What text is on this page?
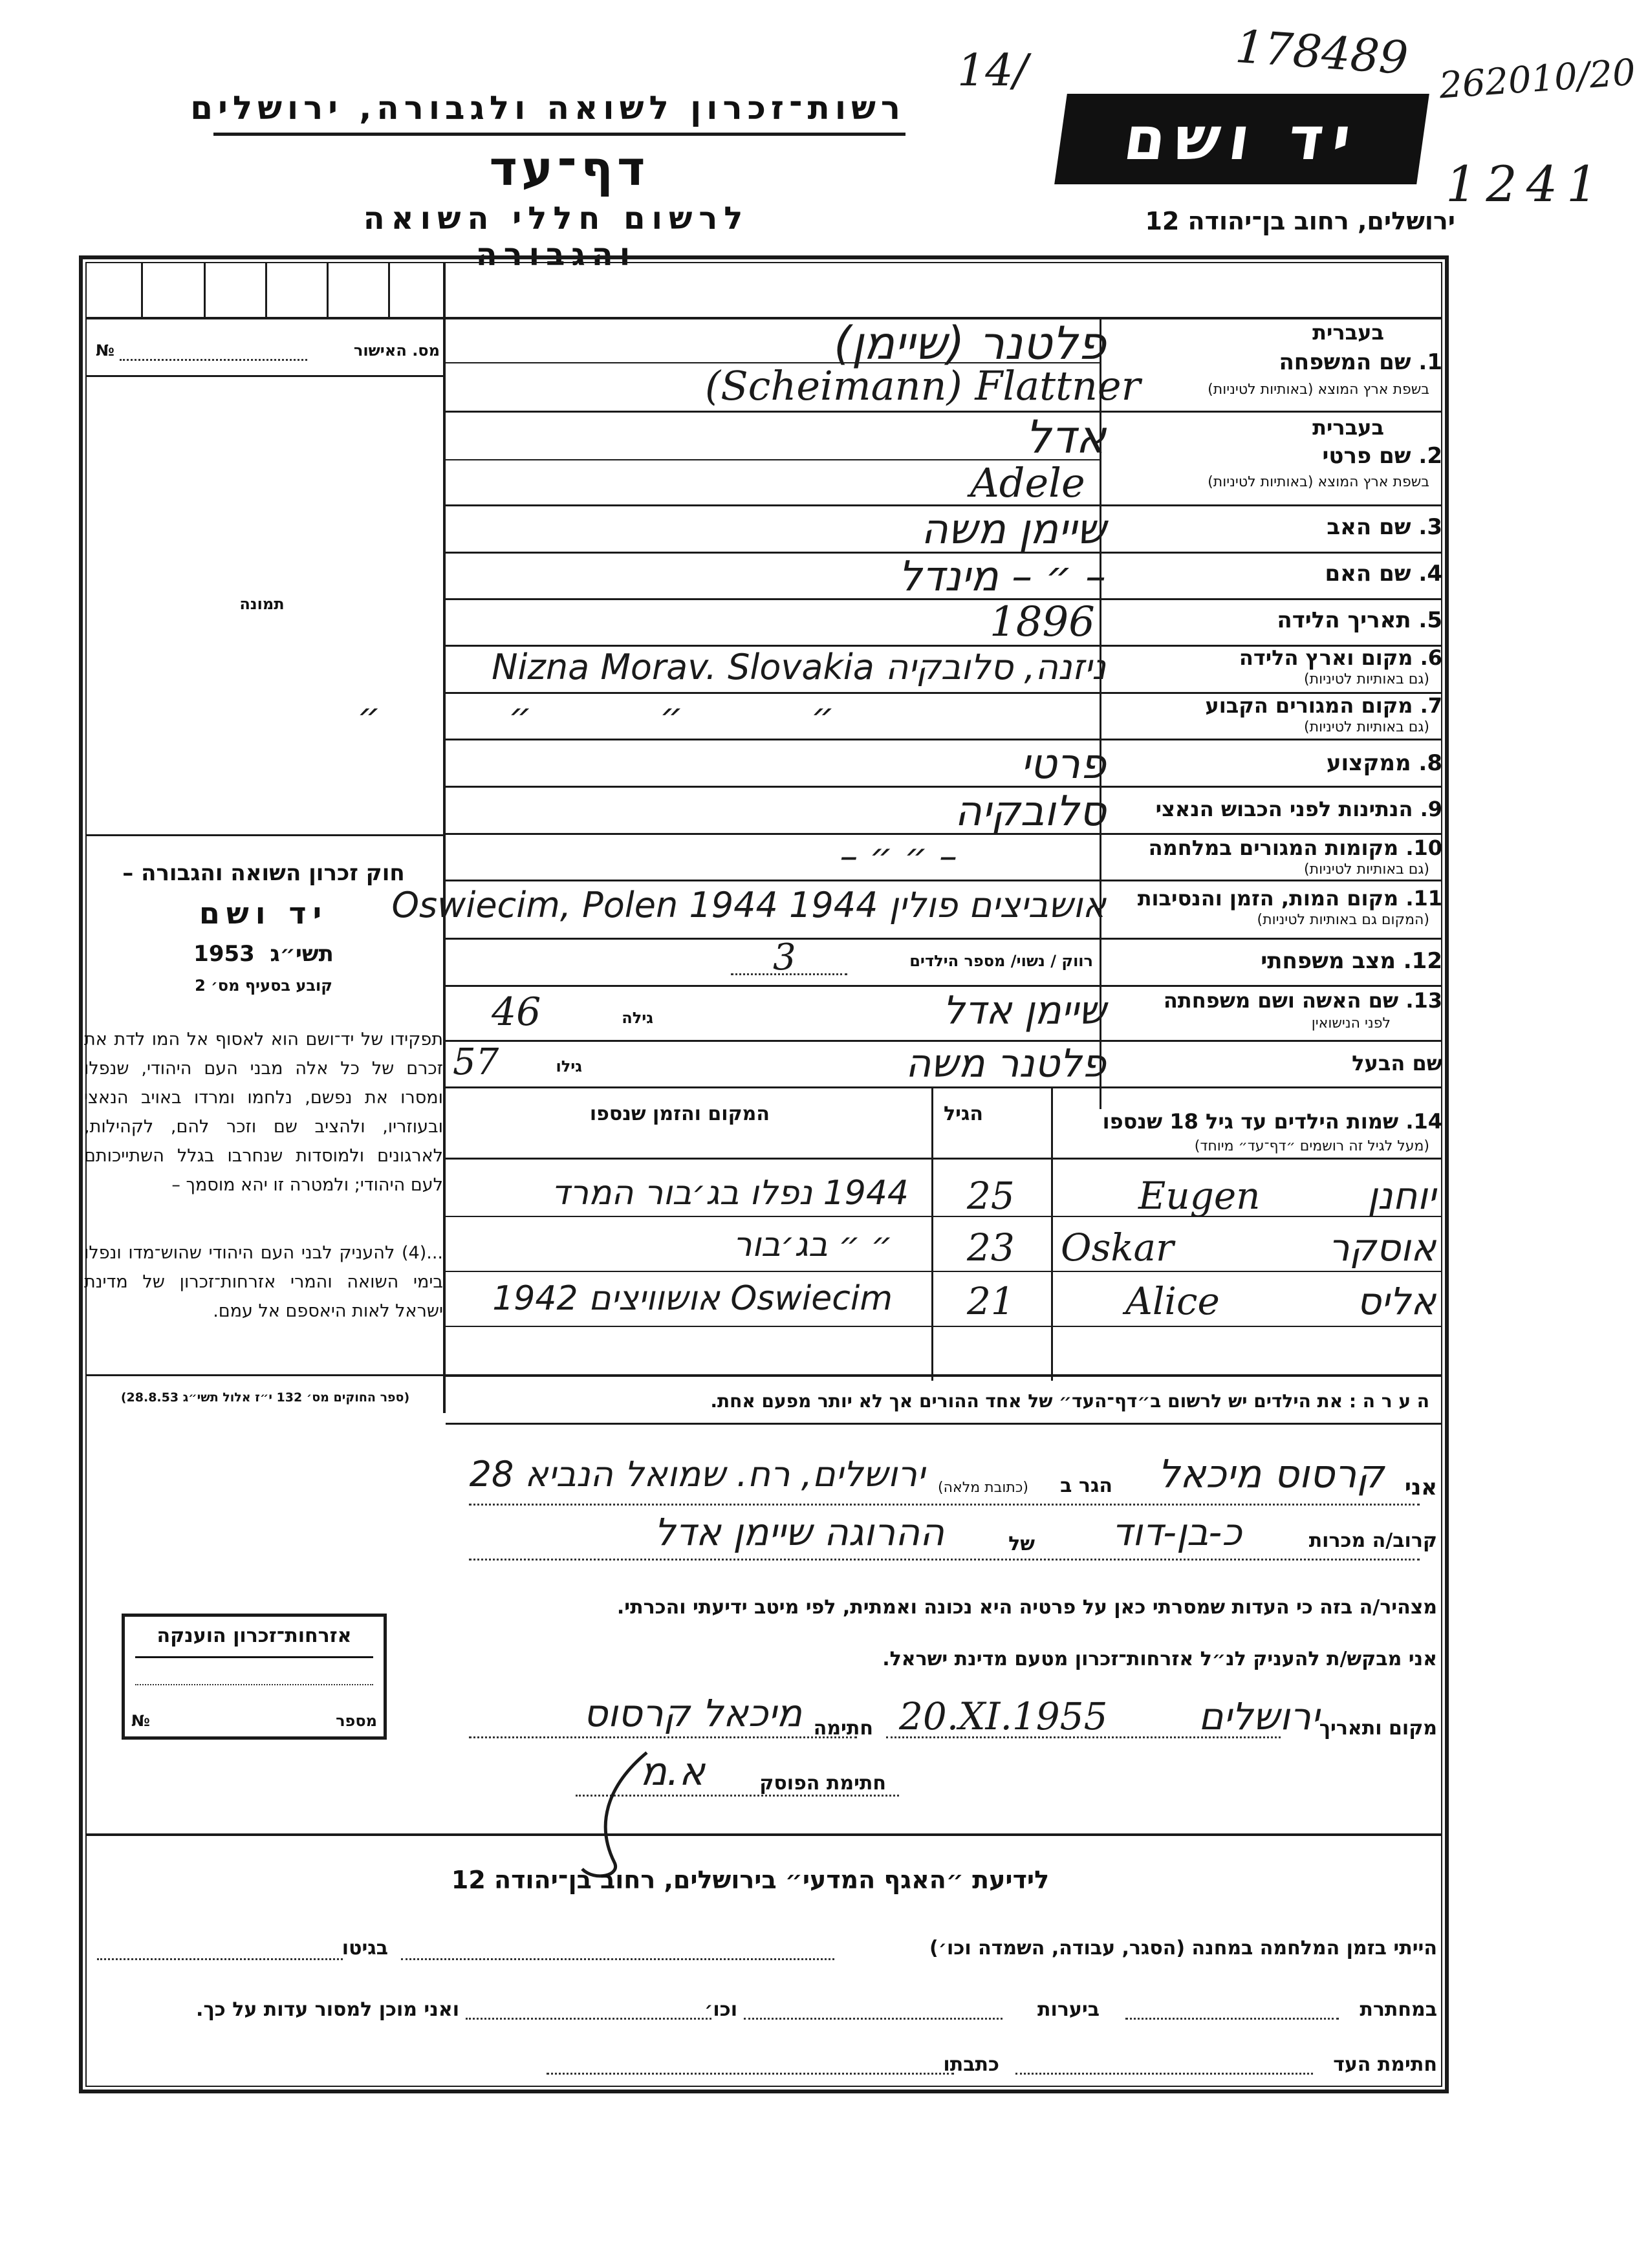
רשות־זכרון לשואה ולגבורה, ירושלים
דף־עד
לרשום חללי השואה והגבורה
ירושלים, רחוב בן־יהודה 12
יד ושם
14/	178489 262010/20
1241
מס. האישור
№
תמונה
חוק זכרון השואה והגבורה –
יד ושם
תשי״ג  1953
קובע בסעיף מס׳ 2
תפקידו של יד־ושם הוא לאסוף אל המו לדת את זכרם של כל אלה מבני העם היהודי, שנפלו ומסרו את נפשם, נלחמו ומרדו באויב הנאצי ובעוזריו, ולהציב שם וזכר להם, לקהילות, לארגונים ולמוסדות שנחרבו בגלל השתייכותם לעם היהודי; ולמטרה זו יהא מוסמך –
...(4) להעניק לבני העם היהודי שהוש־מדו ונפלו בימי השואה והמרי אזרחות־זכרון של מדינת ישראל לאות היאספם אל עמם.
(ספר החוקים מס׳ 132 י״ז אלול תשי״ג 28.8.53)
בעברית
1. שם המשפחה
בשפת ארץ המוצא (באותיות לטיניות)
בעברית
2. שם פרטי
בשפת ארץ המוצא (באותיות לטיניות)
3. שם האב
4. שם האם
5. תאריך הלידה
6. מקום וארץ הלידה
(גם באותיות לטיניות)
7. מקום המגורים הקבוע
(גם באותיות לטיניות)
8. ממקצוע
9. הנתינות לפני הכבוש הנאצי
10. מקומות המגורים במלחמה
(גם באותיות לטיניות)
11. מקום המות, הזמן והנסיבות
(המקום גם באותיות לטיניות)
12. מצב משפחתי
רווק / נשוי/ מספר הילדים
13. שם האשה ושם משפחתה
לפני הנישואין
גילה
שם הבעל
גילו
14. שמות הילדים עד גיל 18 שנספו
(מעל לגיל זה רושמים ״דף־עד״ מיוחד)
הגיל
המקום והזמן שנספו
פלטנר (שיימן)
(Scheimann) Flattner
אדל
Adele
שיימן משה
– ״ – מינדל
1896
ניזנה, סלובקיה Nizna Morav. Slovakia
״ ״ ״ ״
פרטי
סלובקיה
– ״ ״ –
אושביצים פולין 1944 Oswiecim, Polen 1944
3
שיימן אדל
46
פלטנר משה
57
יוחנן
Eugen
25
1944 נפלו בג׳בור המרד
אוסקר
Oskar
23
״ ״ בג׳בור
אליס
Alice
21
Oswiecim אושוויצים 1942
ה ע ר ה : את הילדים יש לרשום ב״דף־העד״ של אחד ההורים אך לא יותר מפעם אחת.
אני
קרסוס מיכאל
הגר ב
(כתובת מלאה)
ירושלים, רח. שמואל הנביא 28
קרוב/ה מכרות
כ-בן-דוד
של
ההרוגה שיימן אדל
מצהיר/ה בזה כי העדות שמסרתי כאן על פרטיה היא נכונה ואמתית, לפי מיטב ידיעתי והכרתי.
אני מבקש/ת להעניק לנ״ל אזרחות־זכרון מטעם מדינת ישראל.
מקום ותאריך
ירושלים
20.XI.1955
חתימה
מיכאל קרסוס
חתימת הפוסק
א.מ
אזרחות־זכרון הוענקה
№	מספר
לידיעת ״האגף המדעי״ בירושלים, רחוב בן־יהודה 12
הייתי בזמן המלחמה במחנה (הסגר, עבודה, השמדה וכו׳)
בגיטו
במחתרת
ביערות
וכו׳
ואני מוכן למסור עדות על כך.
חתימת העד
כתבתו
